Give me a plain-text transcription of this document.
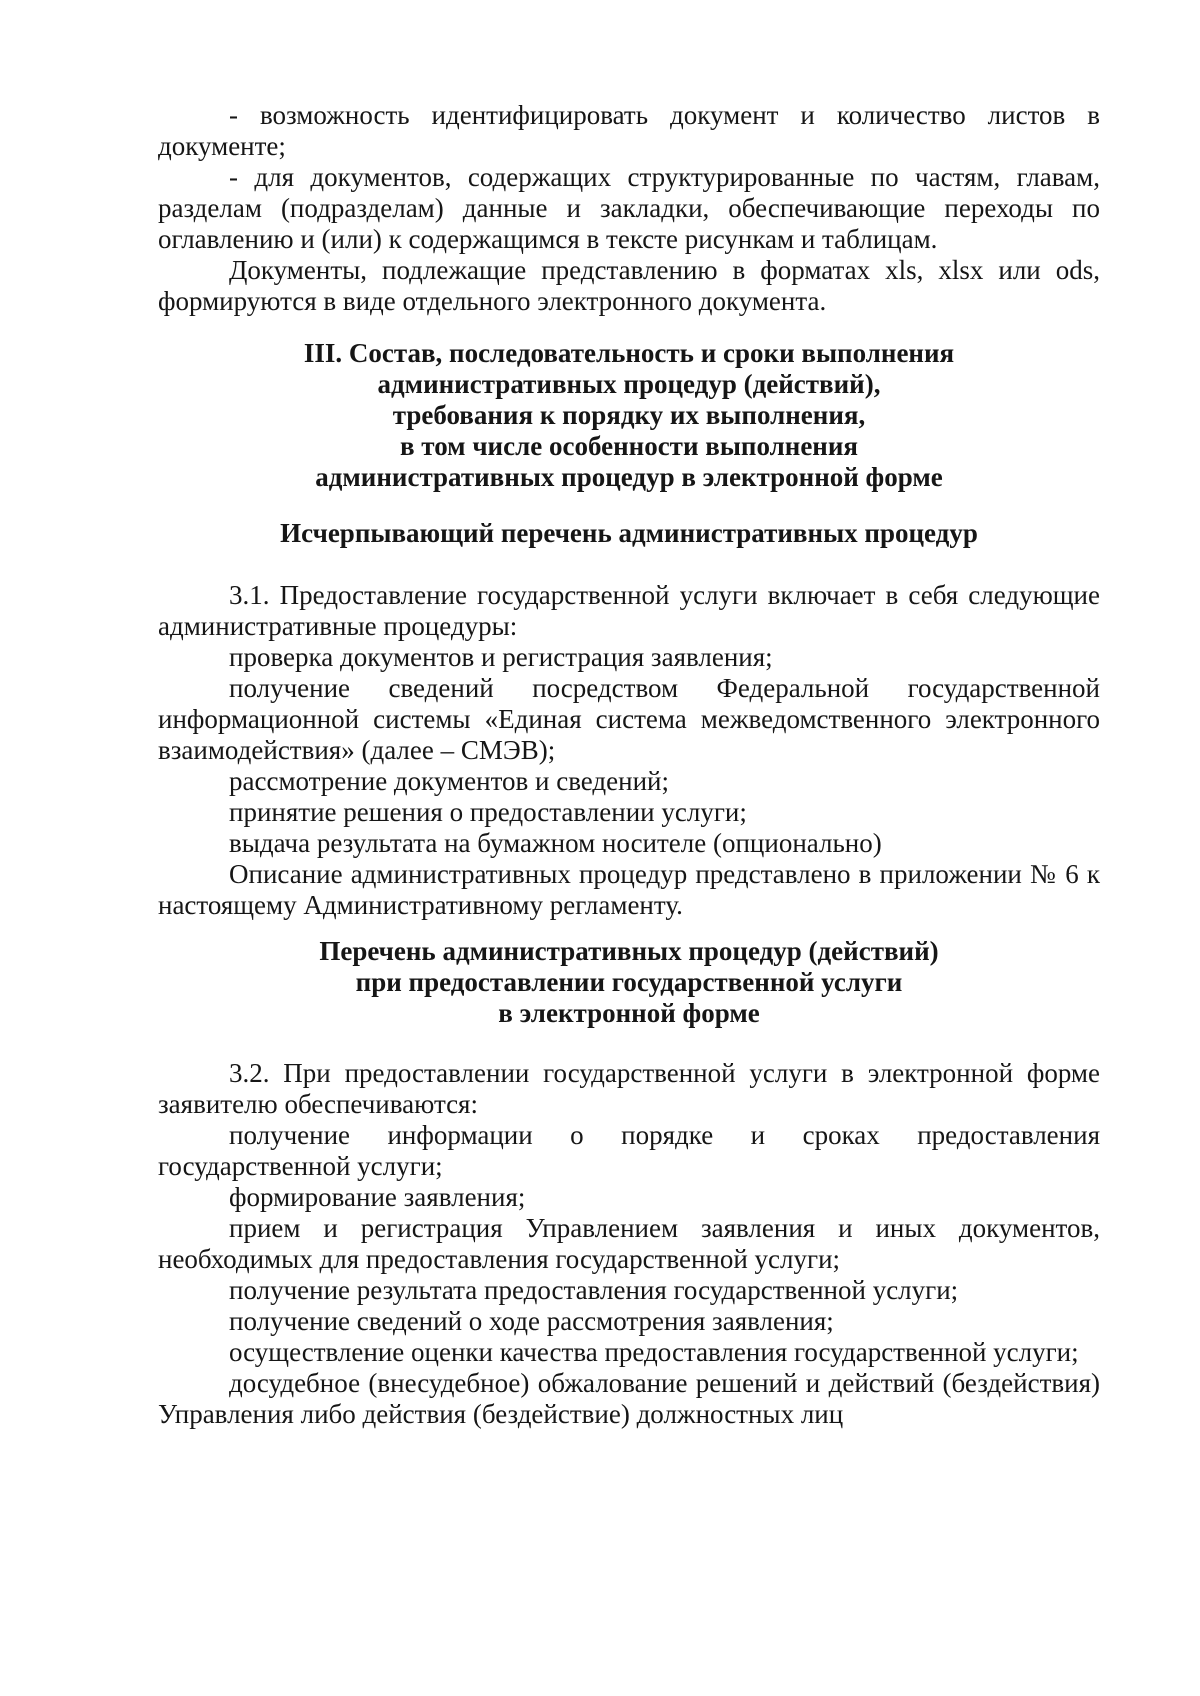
- возможность идентифицировать документ и количество листов в документе;

- для документов, содержащих структурированные по частям, главам, разделам (подразделам) данные и закладки, обеспечивающие переходы по оглавлению и (или) к содержащимся в тексте рисункам и таблицам.

Документы, подлежащие представлению в форматах xls, xlsx или ods, формируются в виде отдельного электронного документа.

III. Состав, последовательность и сроки выполнения
административных процедур (действий),
требования к порядку их выполнения,
в том числе особенности выполнения
административных процедур в электронной форме
Исчерпывающий перечень административных процедур

3.1. Предоставление государственной услуги включает в себя следующие административные процедуры:

проверка документов и регистрация заявления;

получение сведений посредством Федеральной государственной информационной системы «Единая система межведомственного электронного взаимодействия» (далее – СМЭВ);

рассмотрение документов и сведений;

принятие решения о предоставлении услуги;

выдача результата на бумажном носителе (опционально)

Описание административных процедур представлено в приложении № 6 к настоящему Административному регламенту.

Перечень административных процедур (действий)
при предоставлении государственной услуги
в электронной форме

3.2. При предоставлении государственной услуги в электронной форме заявителю обеспечиваются:

получение информации о порядке и сроках предоставления государственной услуги;

формирование заявления;

прием и регистрация Управлением заявления и иных документов, необходимых для предоставления государственной услуги;

получение результата предоставления государственной услуги;

получение сведений о ходе рассмотрения заявления;

осуществление оценки качества предоставления государственной услуги;

досудебное (внесудебное) обжалование решений и действий (бездействия) Управления либо действия (бездействие) должностных лиц
